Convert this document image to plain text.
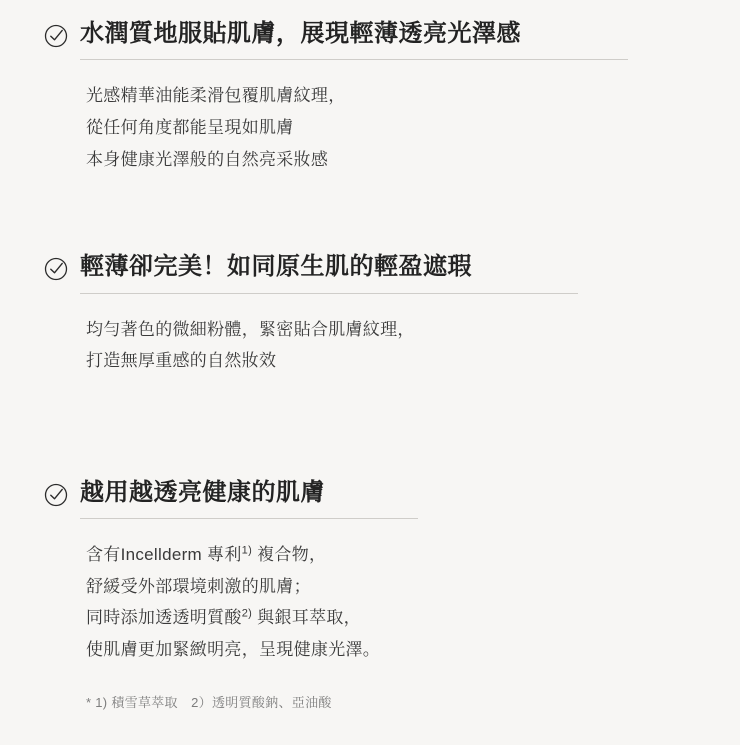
水潤質地服貼肌膚，展現輕薄透亮光澤感
光感精華油能柔滑包覆肌膚紋理，
從任何角度都能呈現如肌膚
本身健康光澤般的自然亮采妝感
輕薄卻完美！如同原生肌的輕盈遮瑕
均勻著色的微細粉體，緊密貼合肌膚紋理，
打造無厚重感的自然妝效
越用越透亮健康的肌膚
含有Incellderm 專利$^{1)}$ 複合物，
舒緩受外部環境刺激的肌膚；
同時添加透透明質酸$^{2)}$ 與銀耳萃取，
使肌膚更加緊緻明亮，呈現健康光澤。
* 1) 積雪草萃取　2）透明質酸鈉、亞油酸
